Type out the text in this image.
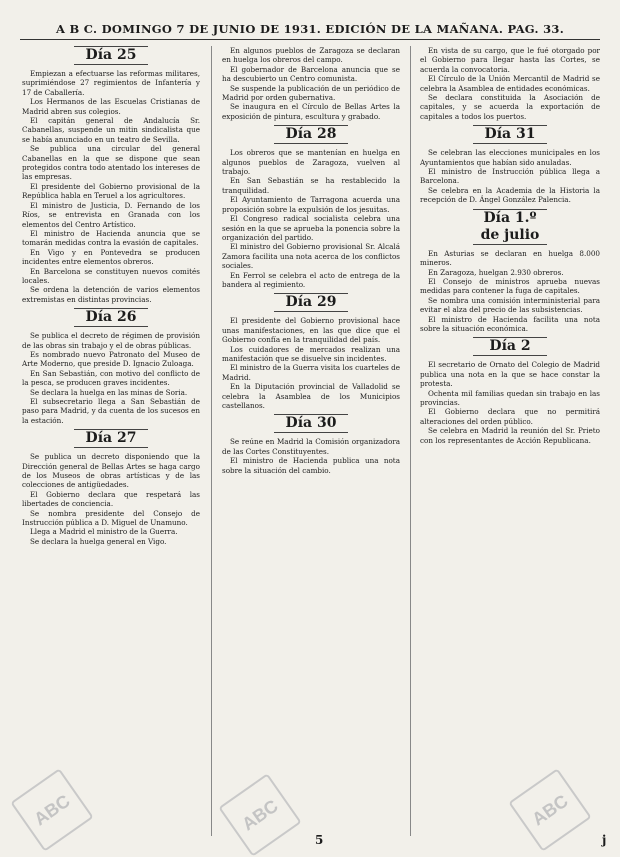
A B C. DOMINGO 7 DE JUNIO DE 1931. EDICIÓN DE LA MAÑANA. PAG. 33.
Día 25

Empiezan a efectuarse las reformas militares, suprimiéndose 27 regimientos de Infantería y 17 de Caballería.

Los Hermanos de las Escuelas Cristianas de Madrid abren sus colegios.

El capitán general de Andalucía Sr. Cabanellas, suspende un mitin sindicalista que se había anunciado en un teatro de Sevilla.

Se publica una circular del general Cabanellas en la que se dispone que sean protegidos contra todo atentado los intereses de las empresas.

El presidente del Gobierno provisional de la República habla en Teruel a los agricultores.

El ministro de Justicia, D. Fernando de los Ríos, se entrevista en Granada con los elementos del Centro Artístico.

El ministro de Hacienda anuncia que se tomarán medidas contra la evasión de capitales.

En Vigo y en Pontevedra se producen incidentes entre elementos obreros.

En Barcelona se constituyen nuevos comités locales.

Se ordena la detención de varios elementos extremistas en distintas provincias.

Día 26

Se publica el decreto de régimen de provisión de las obras sin trabajo y el de obras públicas.

Es nombrado nuevo Patronato del Museo de Arte Moderno, que preside D. Ignacio Zuloaga.

En San Sebastián, con motivo del conflicto de la pesca, se producen graves incidentes.

Se declara la huelga en las minas de Soria.

El subsecretario llega a San Sebastián de paso para Madrid, y da cuenta de los sucesos en la estación.

Día 27

Se publica un decreto disponiendo que la Dirección general de Bellas Artes se haga cargo de los Museos de obras artísticas y de las colecciones de antigüedades.

El Gobierno declara que respetará las libertades de conciencia.

Se nombra presidente del Consejo de Instrucción pública a D. Miguel de Unamuno.

Llega a Madrid el ministro de la Guerra.

Se declara la huelga general en Vigo.

En algunos pueblos de Zaragoza se declaran en huelga los obreros del campo.

El gobernador de Barcelona anuncia que se ha descubierto un Centro comunista.

Se suspende la publicación de un periódico de Madrid por orden gubernativa.

Se inaugura en el Círculo de Bellas Artes la exposición de pintura, escultura y grabado.

Día 28

Los obreros que se mantenían en huelga en algunos pueblos de Zaragoza, vuelven al trabajo.

En San Sebastián se ha restablecido la tranquilidad.

El Ayuntamiento de Tarragona acuerda una proposición sobre la expulsión de los jesuitas.

El Congreso radical socialista celebra una sesión en la que se aprueba la ponencia sobre la organización del partido.

El ministro del Gobierno provisional Sr. Alcalá Zamora facilita una nota acerca de los conflictos sociales.

En Ferrol se celebra el acto de entrega de la bandera al regimiento.

Día 29

El presidente del Gobierno provisional hace unas manifestaciones, en las que dice que el Gobierno confía en la tranquilidad del país.

Los cuidadores de mercados realizan una manifestación que se disuelve sin incidentes.

El ministro de la Guerra visita los cuarteles de Madrid.

En la Diputación provincial de Valladolid se celebra la Asamblea de los Municipios castellanos.

Día 30

Se reúne en Madrid la Comisión organizadora de las Cortes Constituyentes.

El ministro de Hacienda publica una nota sobre la situación del cambio.

En vista de su cargo, que le fué otorgado por el Gobierno para llegar hasta las Cortes, se acuerda la convocatoria.

El Círculo de la Unión Mercantil de Madrid se celebra la Asamblea de entidades económicas.

Se declara constituida la Asociación de capitales, y se acuerda la exportación de capitales a todos los puertos.

Día 31

Se celebran las elecciones municipales en los Ayuntamientos que habían sido anuladas.

El ministro de Instrucción pública llega a Barcelona.

Se celebra en la Academia de la Historia la recepción de D. Ángel González Palencia.

Día 1.º de julio

En Asturias se declaran en huelga 8.000 mineros.

En Zaragoza, huelgan 2.930 obreros.

El Consejo de ministros aprueba nuevas medidas para contener la fuga de capitales.

Se nombra una comisión interministerial para evitar el alza del precio de las subsistencias.

El ministro de Hacienda facilita una nota sobre la situación económica.

Día 2

El secretario de Ornato del Colegio de Madrid publica una nota en la que se hace constar la protesta.

Ochenta mil familias quedan sin trabajo en las provincias.

El Gobierno declara que no permitirá alteraciones del orden público.

Se celebra en Madrid la reunión del Sr. Prieto con los representantes de Acción Republicana.

ABC	ABC	ABC
5	j
